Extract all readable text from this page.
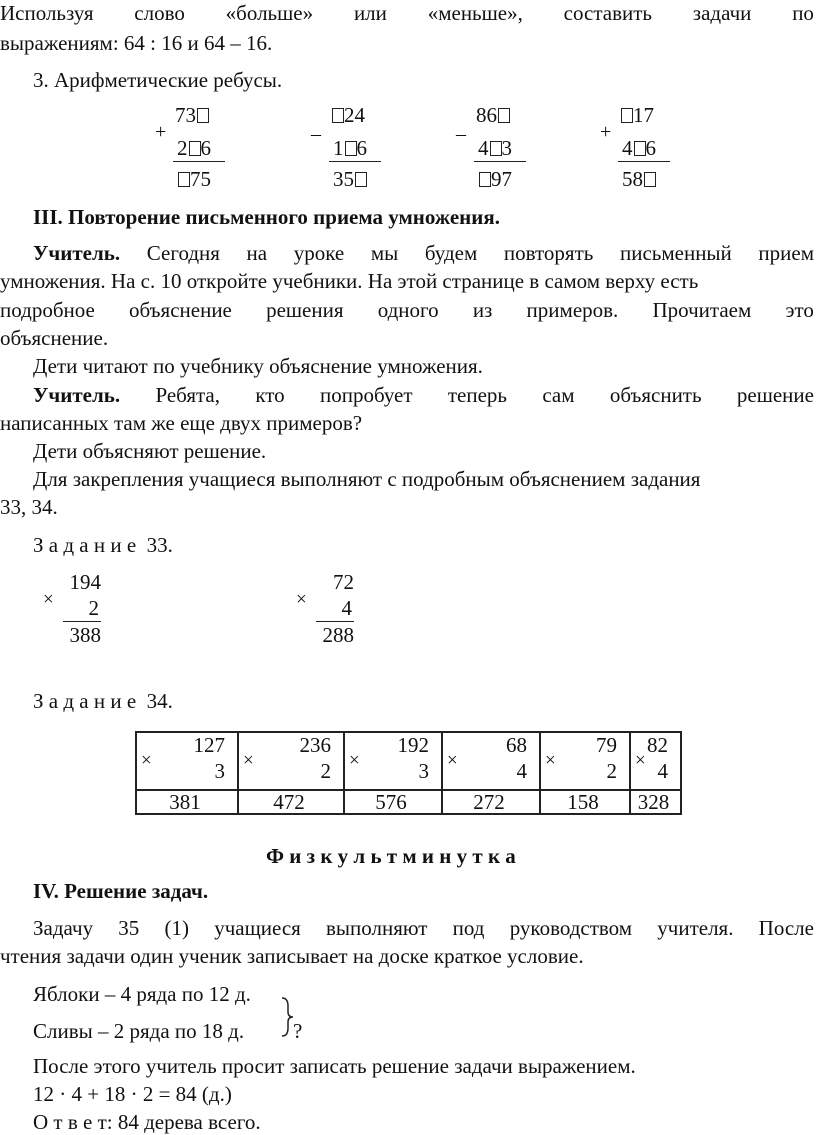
Используя слово «больше» или «меньше», составить задачи по
выражениям: 64 : 16 и 64 – 16.
3. Арифметические ребусы.
+
73
2 6
75
–
24
1 6
35
–
86
4 3
97
+
17
4 6
58
III. Повторение письменного приема умножения.
Учитель. Сегодня на уроке мы будем повторять письменный прием
умножения. На с. 10 откройте учебники. На этой странице в самом верху есть
подробное объяснение решения одного из примеров. Прочитаем это
объяснение.
Дети читают по учебнику объяснение умножения.
Учитель. Ребята, кто попробует теперь сам объяснить решение
написанных там же еще двух примеров?
Дети объясняют решение.
Для закрепления учащиеся выполняют с подробным объяснением задания
33, 34.
З а д а н и е  33.
194
×	2
388
72
×	4
288
З а д а н и е  34.
127
3
×
381
236
2
×
472
192
3
×
576
68
4
×
272
79
2
×
158
82
4
×
328
Ф и з к у л ь т м и н у т к а
IV. Решение задач.
Задачу 35 (1) учащиеся выполняют под руководством учителя. После
чтения задачи один ученик записывает на доске краткое условие.
Яблоки – 4 ряда по 12 д.
Сливы – 2 ряда по 18 д. ?
После этого учитель просит записать решение задачи выражением.
12 · 4 + 18 · 2 = 84 (д.)
О т в е т: 84 дерева всего.
